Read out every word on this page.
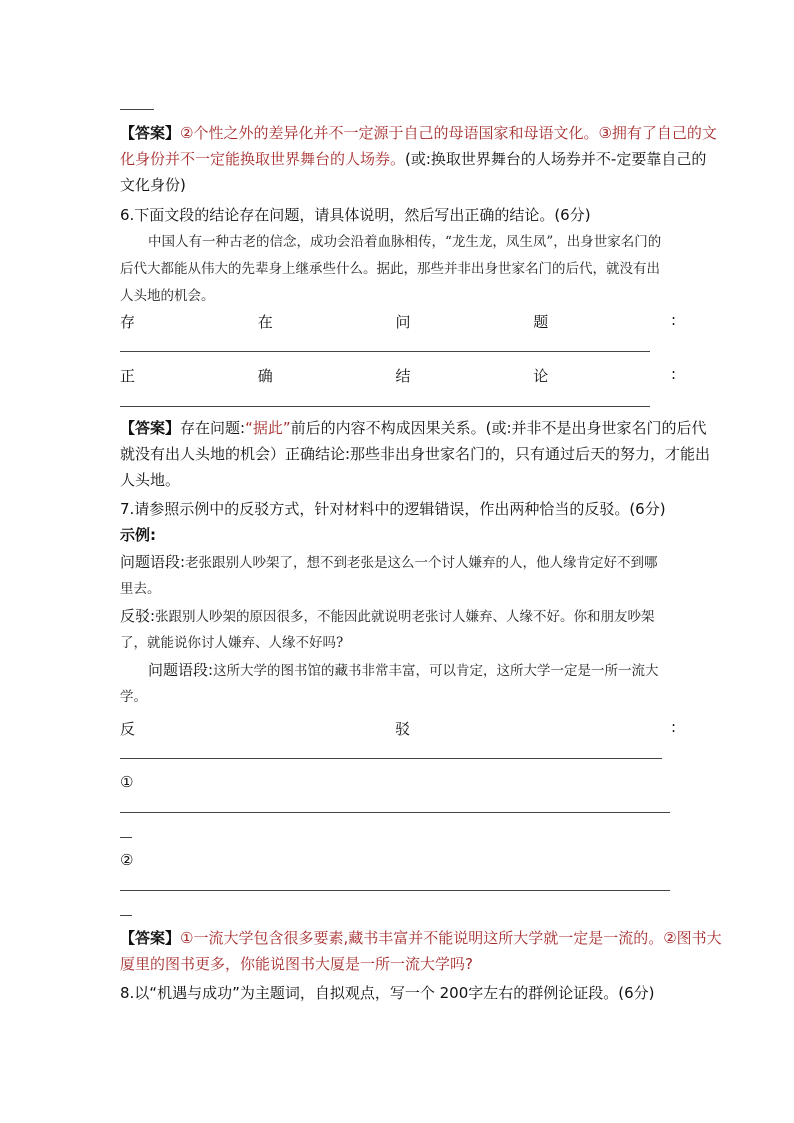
【答案】②个性之外的差异化并不一定源于自己的母语国家和母语文化。③拥有了自己的文
化身份并不一定能换取世界舞台的人场券。(或:换取世界舞台的人场券并不-定要靠自己的
文化身份)
6.下面文段的结论存在问题，请具体说明，然后写出正确的结论。(6分)
中国人有一种古老的信念，成功会沿着血脉相传，“龙生龙，凤生凤”，出身世家名门的
后代大都能从伟大的先辈身上继承些什么。据此，那些并非出身世家名门的后代，就没有出
人头地的机会。
存	在	问	题	:
正	确	结	论	:
【答案】存在问题:“据此”前后的内容不构成因果关系。(或:并非不是出身世家名门的后代
就没有出人头地的机会）正确结论:那些非出身世家名门的，只有通过后天的努力，才能出
人头地。
7.请参照示例中的反驳方式，针对材料中的逻辑错误，作出两种恰当的反驳。(6分)
示例:
问题语段:老张跟别人吵架了，想不到老张是这么一个讨人嫌弃的人，他人缘肯定好不到哪
里去。
反驳:张跟别人吵架的原因很多，不能因此就说明老张讨人嫌弃、人缘不好。你和朋友吵架
了，就能说你讨人嫌弃、人缘不好吗?
问题语段:这所大学的图书馆的藏书非常丰富，可以肯定，这所大学一定是一所一流大
学。
反	驳	:
①
②
【答案】①一流大学包含很多要素,藏书丰富并不能说明这所大学就一定是一流的。②图书大
厦里的图书更多，你能说图书大厦是一所一流大学吗?
8.以“机遇与成功”为主题词，自拟观点，写一个 200字左右的群例论证段。(6分)
